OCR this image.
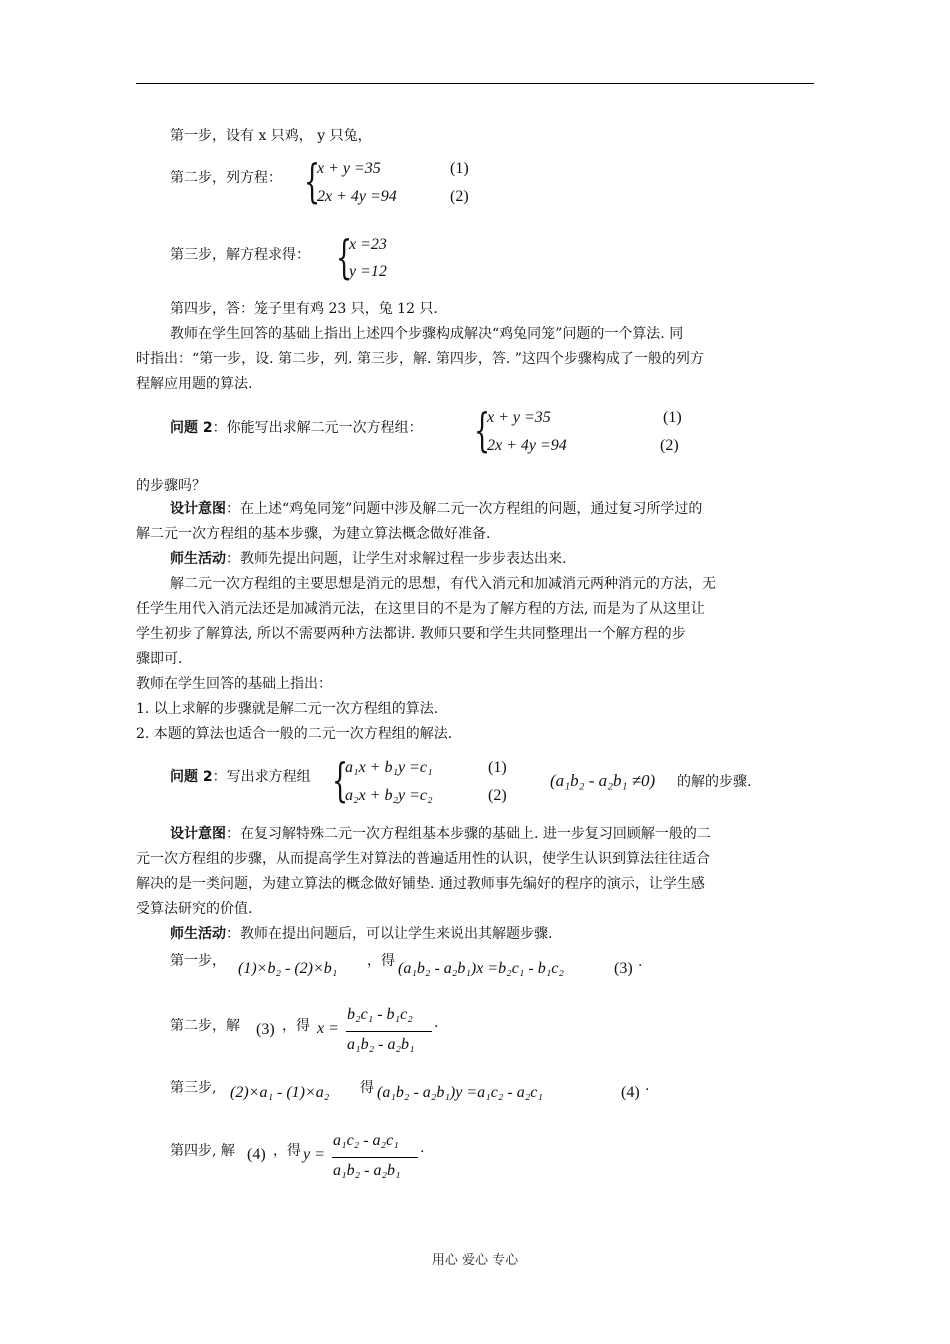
第一步，设有 x 只鸡， y 只兔，
第二步，列方程： {
x + y =35
2x + 4y =94
(1)
(2)
第三步，解方程求得： {
x =23
y =12
第四步，答：笼子里有鸡 23 只，兔 12 只.
教师在学生回答的基础上指出上述四个步骤构成解决“鸡兔同笼”问题的一个算法. 同
时指出：“第一步，设. 第二步，列. 第三步，解. 第四步，答. ”这四个步骤构成了一般的列方
程解应用题的算法.
问题 2：你能写出求解二元一次方程组： {
x + y =35
2x + 4y =94
(1)
(2)
的步骤吗？
设计意图：在上述“鸡兔同笼”问题中涉及解二元一次方程组的问题，通过复习所学过的
解二元一次方程组的基本步骤，为建立算法概念做好准备.
师生活动：教师先提出问题，让学生对求解过程一步步表达出来.
解二元一次方程组的主要思想是消元的思想，有代入消元和加减消元两种消元的方法，无
任学生用代入消元法还是加减消元法，在这里目的不是为了解方程的方法, 而是为了从这里让
学生初步了解算法, 所以不需要两种方法都讲. 教师只要和学生共同整理出一个解方程的步
骤即可.
教师在学生回答的基础上指出：
1. 以上求解的步骤就是解二元一次方程组的算法.
2. 本题的算法也适合一般的二元一次方程组的解法.
问题 2：写出求方程组 {
a₁x + b₁y =c₁
a₂x + b₂y =c₂
(1)
(2)
(a₁b₂ - a₂b₁ ≠0) 的解的步骤.
设计意图：在复习解特殊二元一次方程组基本步骤的基础上. 进一步复习回顾解一般的二
元一次方程组的步骤，从而提高学生对算法的普遍适用性的认识，使学生认识到算法往往适合
解决的是一类问题，为建立算法的概念做好铺垫. 通过教师事先编好的程序的演示，让学生感
受算法研究的价值.
师生活动：教师在提出问题后，可以让学生来说出其解题步骤.
第一步， (1)×b₂ - (2)×b₁ ，得 (a₁b₂ - a₂b₁)x =b₂c₁ - b₁c₂	(3) .
第二步，解 (3) ，得 x =
b₂c₁ - b₁c₂
a₁b₂ - a₂b₁
.
第三步, (2)×a₁ - (1)×a₂ 得 (a₁b₂ - a₂b₁)y =a₁c₂ - a₂c₁	(4) .
第四步, 解 (4) ，得 y =
a₁c₂ - a₂c₁
a₁b₂ - a₂b₁
.
用心 爱心 专心
